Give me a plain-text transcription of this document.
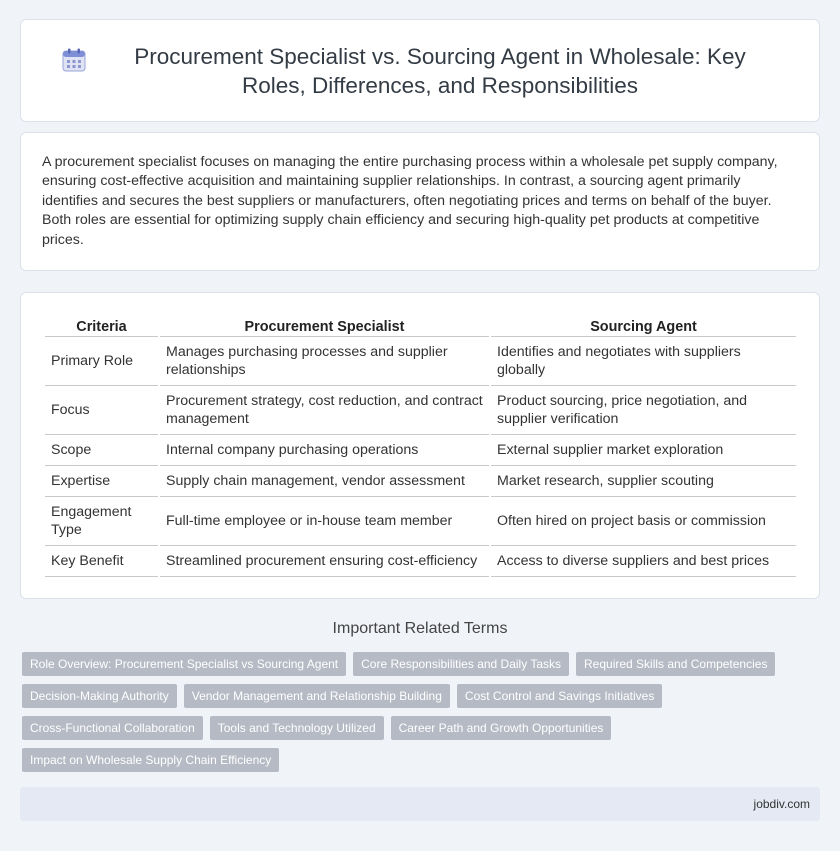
Procurement Specialist vs. Sourcing Agent in Wholesale: Key Roles, Differences, and Responsibilities

A procurement specialist focuses on managing the entire purchasing process within a wholesale pet supply company, ensuring cost-effective acquisition and maintaining supplier relationships. In contrast, a sourcing agent primarily identifies and secures the best suppliers or manufacturers, often negotiating prices and terms on behalf of the buyer. Both roles are essential for optimizing supply chain efficiency and securing high-quality pet products at competitive prices.

Criteria	Procurement Specialist	Sourcing Agent
Primary Role	Manages purchasing processes and supplier relationships	Identifies and negotiates with suppliers globally
Focus	Procurement strategy, cost reduction, and contract management	Product sourcing, price negotiation, and supplier verification
Scope	Internal company purchasing operations	External supplier market exploration
Expertise	Supply chain management, vendor assessment	Market research, supplier scouting
Engagement Type	Full-time employee or in-house team member	Often hired on project basis or commission
Key Benefit	Streamlined procurement ensuring cost-efficiency	Access to diverse suppliers and best prices
Important Related Terms
Role Overview: Procurement Specialist vs Sourcing Agent	Core Responsibilities and Daily Tasks	Required Skills and Competencies
Decision-Making Authority	Vendor Management and Relationship Building	Cost Control and Savings Initiatives
Cross-Functional Collaboration	Tools and Technology Utilized	Career Path and Growth Opportunities
Impact on Wholesale Supply Chain Efficiency
jobdiv.com
